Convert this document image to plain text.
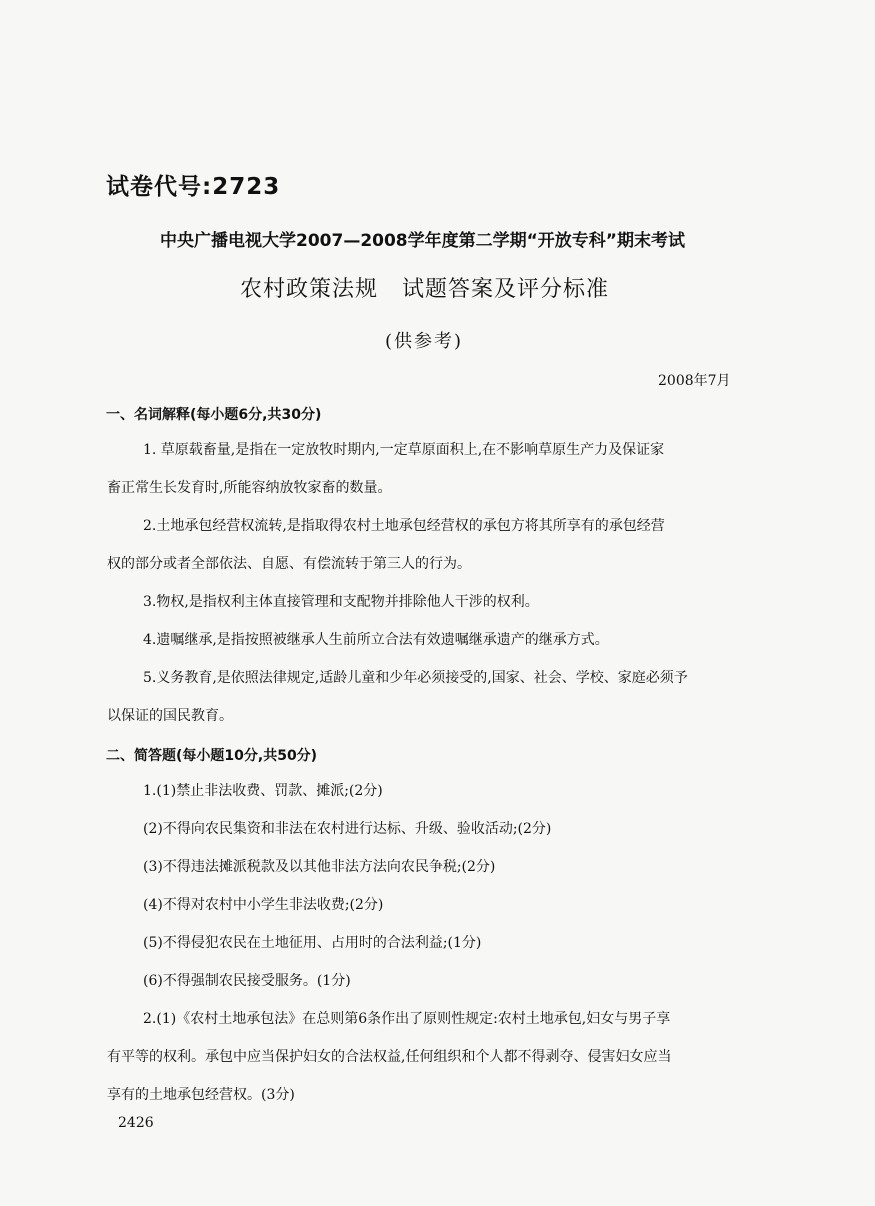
试卷代号:2723
中央广播电视大学2007—2008学年度第二学期“开放专科”期末考试
农村政策法规   试题答案及评分标准
(供参考)
2008年7月
一、名词解释(每小题6分,共30分)
1. 草原载畜量,是指在一定放牧时期内,一定草原面积上,在不影响草原生产力及保证家
畜正常生长发育时,所能容纳放牧家畜的数量。
2.土地承包经营权流转,是指取得农村土地承包经营权的承包方将其所享有的承包经营
权的部分或者全部依法、自愿、有偿流转于第三人的行为。
3.物权,是指权利主体直接管理和支配物并排除他人干涉的权利。
4.遗嘱继承,是指按照被继承人生前所立合法有效遗嘱继承遗产的继承方式。
5.义务教育,是依照法律规定,适龄儿童和少年必须接受的,国家、社会、学校、家庭必须予
以保证的国民教育。
二、简答题(每小题10分,共50分)
1.(1)禁止非法收费、罚款、摊派;(2分)
(2)不得向农民集资和非法在农村进行达标、升级、验收活动;(2分)
(3)不得违法摊派税款及以其他非法方法向农民争税;(2分)
(4)不得对农村中小学生非法收费;(2分)
(5)不得侵犯农民在土地征用、占用时的合法利益;(1分)
(6)不得强制农民接受服务。(1分)
2.(1)《农村土地承包法》在总则第6条作出了原则性规定:农村土地承包,妇女与男子享
有平等的权利。承包中应当保护妇女的合法权益,任何组织和个人都不得剥夺、侵害妇女应当
享有的土地承包经营权。(3分)
2426
